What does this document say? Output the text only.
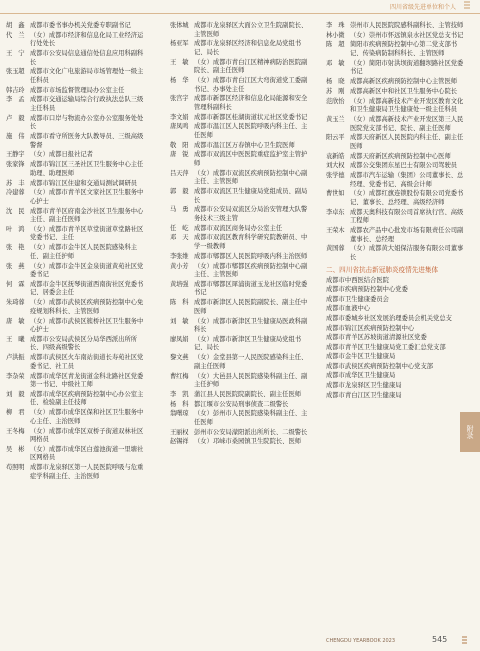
四川省级先进单位和个人
胡　鑫 成都市委书事办机关党委专职副书记
代　兰 （女）成都市经济和信息化局工业经济运行处处长
王　宁 成都市公安局信息通信处信息应用科副科长
张玉超 成都市文化广电旅游局市场管理处一级主任科员
韩吉玲 成都市市场监督管理局办公室主任
李　孟 成都市交通运输局综合行政执法总队三级主任科员
卢　毅 成都市口岸与物流办公室办公室服务处处长
施　伟 成都市看守所医务大队教导员、三级高级警督
王静宇 （女）成都日报社记者
张家锋 成都市锦江区三圣社区卫生服务中心主任助理、助理医师
苏　丰 成都市锦江区住建和交通局测试调研员
冷建蓉 （女）成都市青羊区文家社区卫生服务中心护士
沈　民 成都市青羊区府南金沙社区卫生服务中心主任、副主任医师
叶　鸿 （女）成都市青羊区草堂街道草堂路社区党委书记、主任
张　艳 （女）成都市金牛区人民医院感染科主任、副主任护师
张　燕 （女）成都市金牛区金泉街道黄苑社区党委书记
何　霖 成都市金牛区抚琴街道西南街社区党委书记、居委会主任
朱琦蓉 （女）成都市武侯区疾病预防控制中心免疫规划科科长、主管医师
唐　敏 （女）成都市武侯区簇桥社区卫生服务中心护士
王　曦 成都市公安局武侯区分局华西派出所所长、四级高级警长
卢洪振 成都市武侯区火车南站街道长寿苑社区党委书记、社工员
李杂荣 成都市成华区青龙街道金科北路社区党委第一书记、中级社工师
刘　毅 成都市成华区疾病预防控制中心办公室主任、检验副主任技师
柳　君 （女）成都市成华区保和社区卫生服务中心主任、主治医师
王冬梅 （女）成都市成华区双桥子街道双林社区网格员
吴　彬 （女）成都市成华区白莲池街道一里塘社区网格员
苟照明 成都市龙泉驿区第一人民医院呼吸与危重症学科副主任、主治医师
张体城 成都市龙泉驿区大面公立卫生院副院长、主管医师
杨亚军 成都市龙泉驿区经济和信息化局党组书记、局长
王　敏 （女）成都市青白江区精神病防治医院副院长、副主任医师
杨　华 （女）成都市青白江区大弯街道党工委副书记、办事处主任
张宫宇 成都市新都区经济和信息化局能源和安全管理科副科长
李文娟 成都市新都区桂湖街道状元社区党委书记
唐凤鸣 成都市温江区人民医院呼吸内科主任、主任医师
敬　阳 成都市温江区万春镇中心卫生院医师
唐　锐 成都市双流区中医医院重症监护室主管护师
吕天萍 （女）成都市双流区疾病预防控制中心副主任、主管医师
郭　毅 成都市双流区卫生健康局党组成员、副局长
马　勇 成都市公安局双流区分局治安管理大队警务技术三级主管
任　屹 成都市双流区商务局办公室主任
邓　天 成都市双流区教育科学研究院教研员、中学一级教师
李张维 成都市郫都区人民医院呼吸内科主治医师
黄小芳 （女）成都市郫都区疾病预防控制中心副主任、主管医师
黄培强 成都市郫都区犀浦街道玉龙社区临时党委书记
陈　科 成都市新津区人民医院副院长、副主任中医师
刘　敏 （女）成都市新津区卫生健康局医政科副科长
廖凤娟 （女）成都市新津区卫生健康局党组书记、局长
黎文燕 （女）金堂县第一人民医院感染科主任、副主任医师
曹红梅 （女）大邑县人民医院感染科副主任、副主任护师
李　凯 蒲江县人民医院院副院长、副主任医师
杨　科 都江堰市公安局刑事侦查二级警长
翁曙琼 （女）彭州市人民医院感染科副主任、主任医师
王丽权 彭州市公安局濛阳派出所所长、二级警长
赵锡祥 （女）邛崃市桑园镇卫生院院长、医师
李　珠 崇州市人民医院院感科副科长、主管技师
林小微 （女）崇州市怀远镇泉水社区党总支书记
陈　超 简阳市疾病预防控制中心第二党支部书记、传染病防制科科长、主管医师
邓　敏 （女）简阳市射洪坝街道翻坝路社区党委书记
杨　晓 成都高新区疾病预防控制中心主管医师
苏　刚 成都高新区中和社区卫生服务中心院长
范欣怡 （女）成都高新技术产业开发区教育文化和卫生健康局卫生健康处一级主任科员
黄玉兰 （女）成都高新技术产业开发区第三人民医院党支部书记、院长、副主任医师
阳云平 成都天府新区人民医院内科主任、副主任医师
袁新皓 成都天府新区疾病预防控制中心医师
刘大权 成都公交集团东星巴士有限公司驾驶员
张学德 成都市汽车运输（集团）公司董事长、总经理、党委书记、高级会计师
曹世如 （女）成都红旗连锁股份有限公司党委书记、董事长、总经理、高级经济师
李卓东 成都天奥科技有限公司首席执行官、高级工程师
王荣木 成都农产品中心批发市场有限责任公司副董事长、总经理
黄国蓉 （女）成都黄大姐保洁服务有限公司董事长
二、四川省抗击新冠肺炎疫情先进集体
成都市中西医结合医院
成都市疾病预防控制中心党委
成都市卫生健康委员会
成都市血液中心
成都市委城乡社区发展治理委员会机关党总支
成都市锦江区疾病预防控制中心
成都市青羊区苏坡街道清源社区党委
成都市青羊区卫生健康局党工委汇总党支部
成都市金牛区卫生健康局
成都市武侯区疾病预防控制中心党支部
成都市成华区卫生健康局
成都市龙泉驿区卫生健康局
成都市青白江区卫生健康局
附录
CHENGDU YEARBOOK 2023	545
